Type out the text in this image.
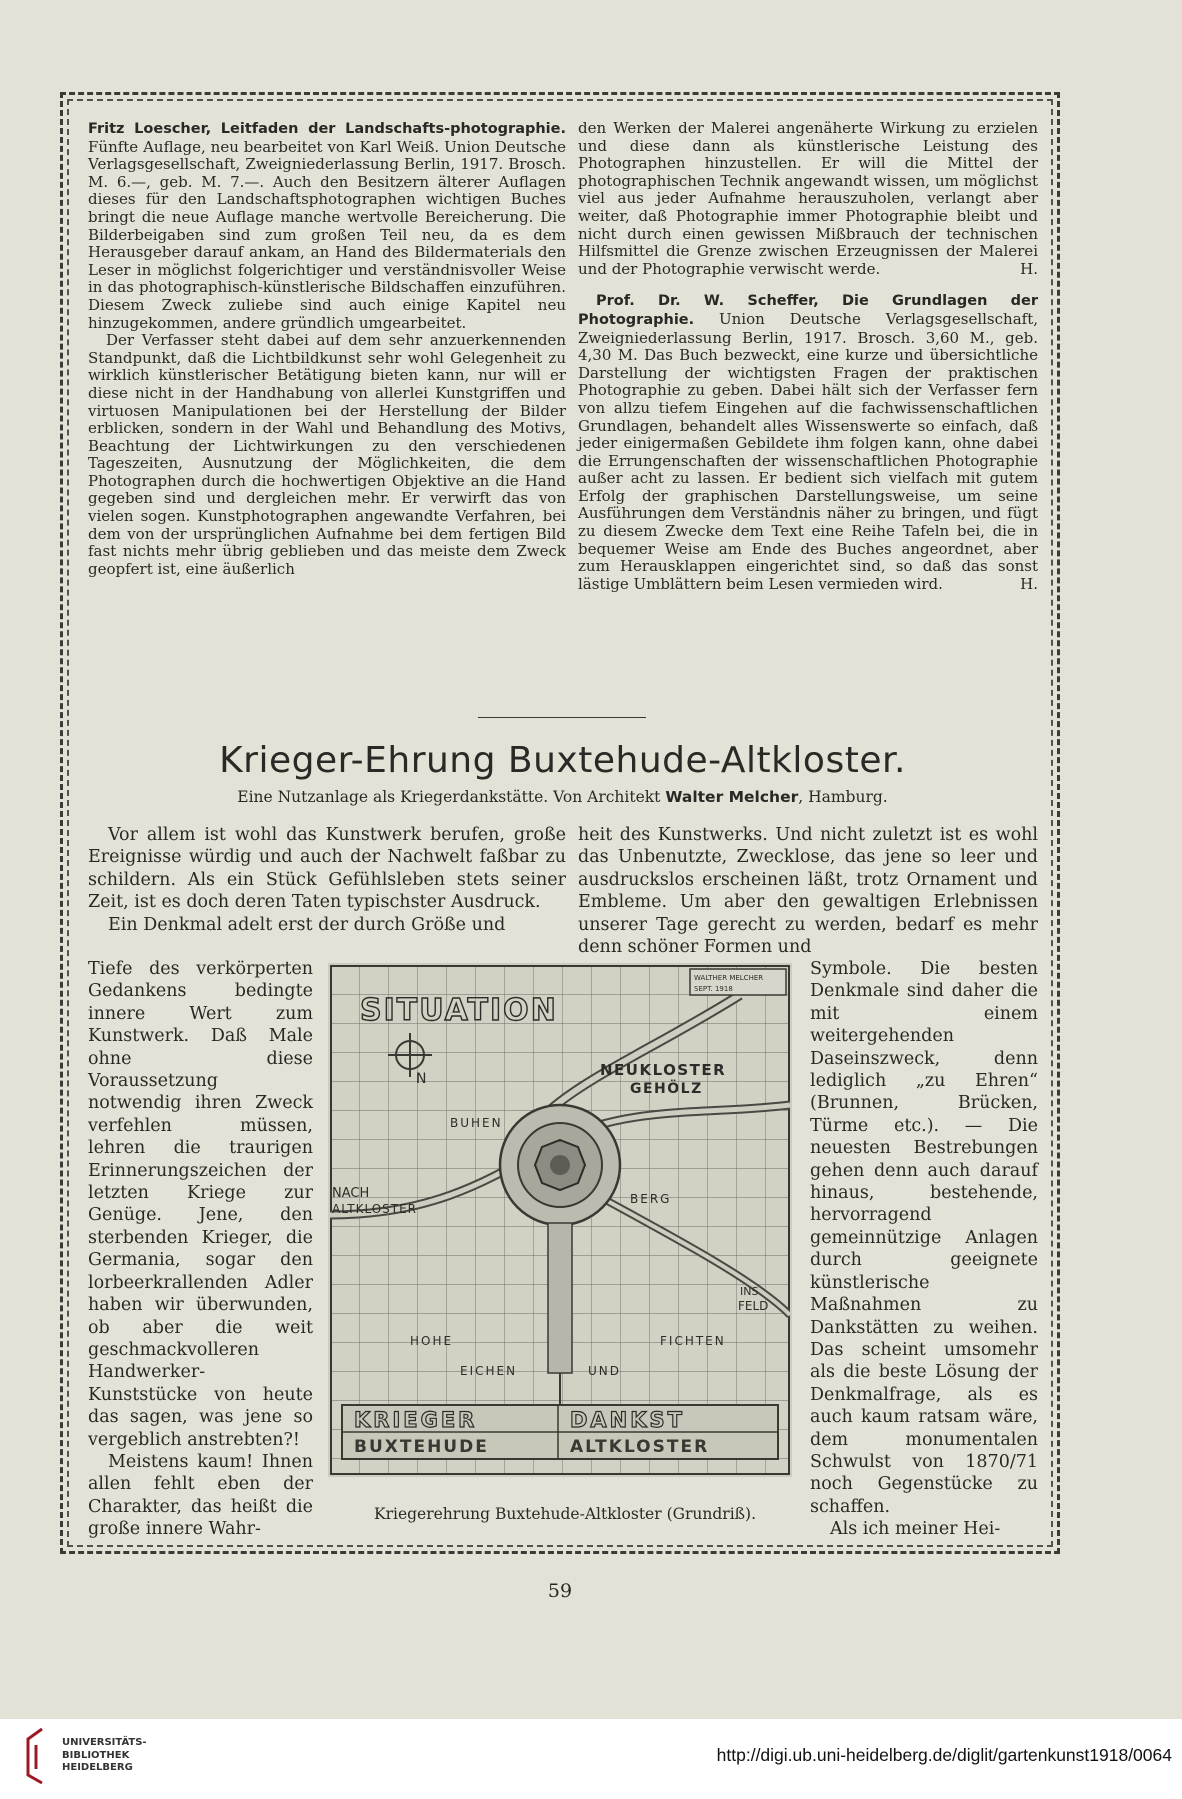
Fritz Loescher, Leitfaden der Landschafts-photographie. Fünfte Auflage, neu bearbeitet von Karl Weiß. Union Deutsche Verlagsgesellschaft, Zweigniederlassung Berlin, 1917. Brosch. M. 6.—, geb. M. 7.—. Auch den Besitzern älterer Auflagen dieses für den Landschaftsphotographen wichtigen Buches bringt die neue Auflage manche wertvolle Bereicherung. Die Bilderbeigaben sind zum großen Teil neu, da es dem Herausgeber darauf ankam, an Hand des Bildermaterials den Leser in möglichst folgerichtiger und verständnisvoller Weise in das photographisch-künstlerische Bildschaffen einzuführen. Diesem Zweck zuliebe sind auch einige Kapitel neu hinzugekommen, andere gründlich umgearbeitet.

Der Verfasser steht dabei auf dem sehr anzuerkennenden Standpunkt, daß die Lichtbildkunst sehr wohl Gelegenheit zu wirklich künstlerischer Betätigung bieten kann, nur will er diese nicht in der Handhabung von allerlei Kunstgriffen und virtuosen Manipulationen bei der Herstellung der Bilder erblicken, sondern in der Wahl und Behandlung des Motivs, Beachtung der Lichtwirkungen zu den verschiedenen Tageszeiten, Ausnutzung der Möglichkeiten, die dem Photographen durch die hochwertigen Objektive an die Hand gegeben sind und dergleichen mehr. Er verwirft das von vielen sogen. Kunstphotographen angewandte Verfahren, bei dem von der ursprünglichen Aufnahme bei dem fertigen Bild fast nichts mehr übrig geblieben und das meiste dem Zweck geopfert ist, eine äußerlich

den Werken der Malerei angenäherte Wirkung zu erzielen und diese dann als künstlerische Leistung des Photographen hinzustellen. Er will die Mittel der photographischen Technik angewandt wissen, um möglichst viel aus jeder Aufnahme herauszuholen, verlangt aber weiter, daß Photographie immer Photographie bleibt und nicht durch einen gewissen Mißbrauch der technischen Hilfsmittel die Grenze zwischen Erzeugnissen der Malerei und der Photographie verwischt werde.	H.

Prof. Dr. W. Scheffer, Die Grundlagen der Photographie. Union Deutsche Verlagsgesellschaft, Zweigniederlassung Berlin, 1917. Brosch. 3,60 M., geb. 4,30 M. Das Buch bezweckt, eine kurze und übersichtliche Darstellung der wichtigsten Fragen der praktischen Photographie zu geben. Dabei hält sich der Verfasser fern von allzu tiefem Eingehen auf die fachwissenschaftlichen Grundlagen, behandelt alles Wissenswerte so einfach, daß jeder einigermaßen Gebildete ihm folgen kann, ohne dabei die Errungenschaften der wissenschaftlichen Photographie außer acht zu lassen. Er bedient sich vielfach mit gutem Erfolg der graphischen Darstellungsweise, um seine Ausführungen dem Verständnis näher zu bringen, und fügt zu diesem Zwecke dem Text eine Reihe Tafeln bei, die in bequemer Weise am Ende des Buches angeordnet, aber zum Herausklappen eingerichtet sind, so daß das sonst lästige Umblättern beim Lesen vermieden wird.	H.

Krieger-Ehrung Buxtehude-Altkloster.
Eine Nutzanlage als Kriegerdankstätte. Von Architekt Walter Melcher, Hamburg.

Vor allem ist wohl das Kunstwerk berufen, große Ereignisse würdig und auch der Nachwelt faßbar zu schildern. Als ein Stück Gefühlsleben stets seiner Zeit, ist es doch deren Taten typischster Ausdruck.

Ein Denkmal adelt erst der durch Größe und

Tiefe des verkörperten Gedankens bedingte innere Wert zum Kunstwerk. Daß Male ohne diese Voraussetzung notwendig ihren Zweck verfehlen müssen, lehren die traurigen Erinnerungszeichen der letzten Kriege zur Genüge. Jene, den sterbenden Krieger, die Germania, sogar den lorbeerkrallenden Adler haben wir überwunden, ob aber die weit geschmackvolleren Handwerker-Kunststücke von heute das sagen, was jene so vergeblich anstrebten?!

Meistens kaum! Ihnen allen fehlt eben der Charakter, das heißt die große innere Wahr-

heit des Kunstwerks. Und nicht zuletzt ist es wohl das Unbenutzte, Zwecklose, das jene so leer und ausdruckslos erscheinen läßt, trotz Ornament und Embleme. Um aber den gewaltigen Erlebnissen unserer Tage gerecht zu werden, bedarf es mehr denn schöner Formen und

Symbole. Die besten Denkmale sind daher die mit einem weitergehenden Daseinszweck, denn lediglich „zu Ehren“ (Brunnen, Brücken, Türme etc.). — Die neuesten Bestrebungen gehen denn auch darauf hinaus, bestehende, hervorragend gemeinnützige Anlagen durch geeignete künstlerische Maßnahmen zu Dankstätten zu weihen. Das scheint umsomehr als die beste Lösung der Denkmalfrage, als es auch kaum ratsam wäre, dem monumentalen Schwulst von 1870/71 noch Gegenstücke zu schaffen.

Als ich meiner Hei-

SITUATION
N	NEUKLOSTER
GEHÖLZ
BUHEN
NACH
ALTKLOSTER
BERG
INS
FELD
HOHE	FICHTEN
EICHEN	UND
WALTHER MELCHER
SEPT. 1918
KRIEGER	DANKST
BUXTEHUDE	ALTKLOSTER
Kriegerehrung Buxtehude-Altkloster (Grundriß).
59
UNIVERSITÄTS-
BIBLIOTHEK
HEIDELBERG
http://digi.ub.uni-heidelberg.de/diglit/gartenkunst1918/0064
